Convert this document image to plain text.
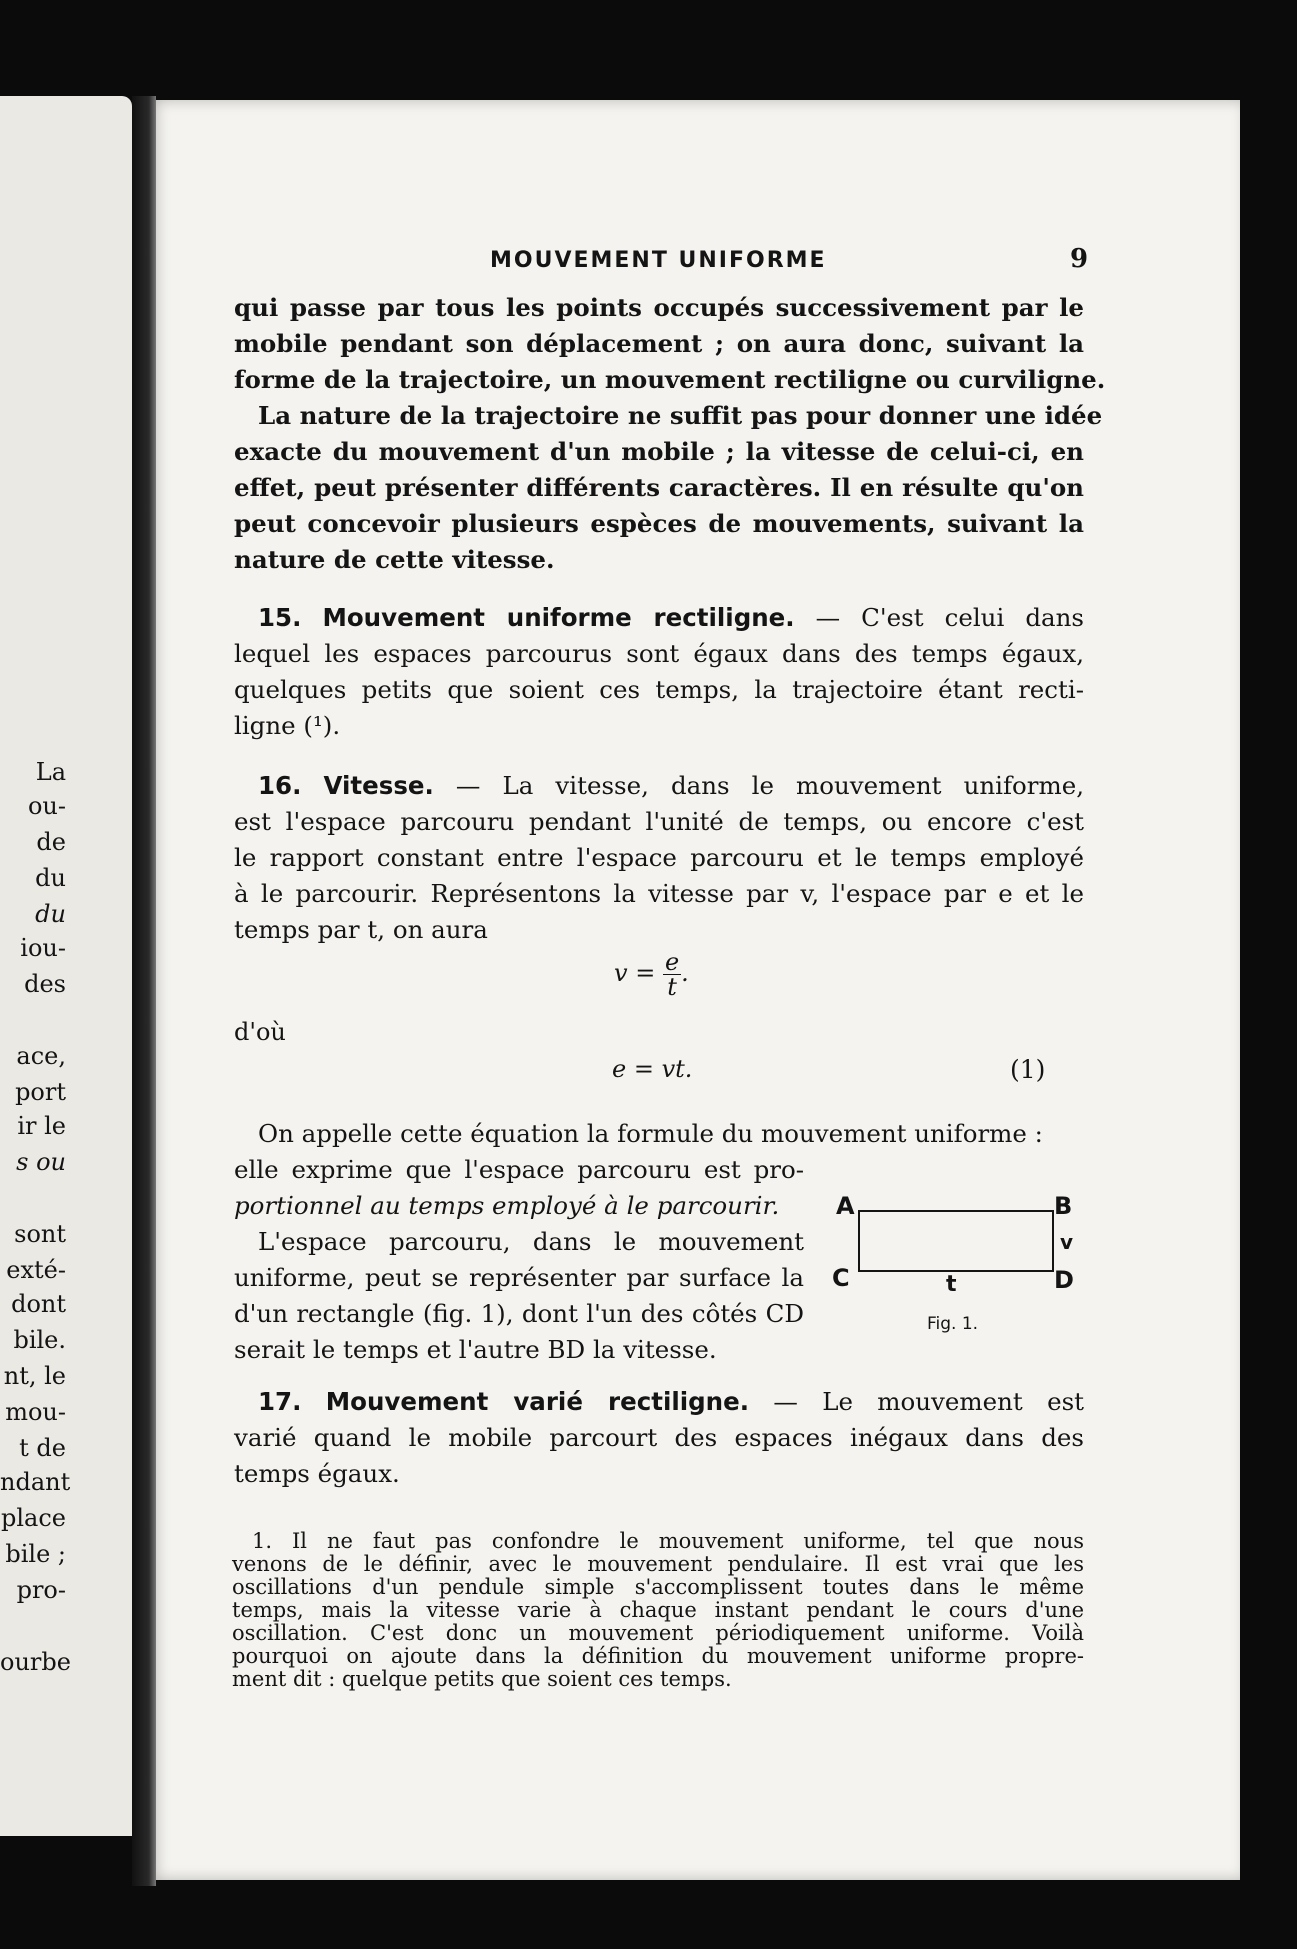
La
ou-
de
du
du
iou-
des
ace,
port
ir le
s ou
sont
exté-
dont
bile.
nt, le
mou-
t de
ndant
place
bile ;
pro-
ourbe
MOUVEMENT UNIFORME	9
qui passe par tous les points occupés successivement par le
mobile pendant son déplacement ; on aura donc, suivant la
forme de la trajectoire, un mouvement rectiligne ou curviligne.
La nature de la trajectoire ne suffit pas pour donner une idée
exacte du mouvement d'un mobile ; la vitesse de celui-ci, en
effet, peut présenter différents caractères. Il en résulte qu'on
peut concevoir plusieurs espèces de mouvements, suivant la
nature de cette vitesse.
15. Mouvement uniforme rectiligne. — C'est celui dans
lequel les espaces parcourus sont égaux dans des temps égaux,
quelques petits que soient ces temps, la trajectoire étant recti-
ligne (¹).
16. Vitesse. — La vitesse, dans le mouvement uniforme,
est l'espace parcouru pendant l'unité de temps, ou encore c'est
le rapport constant entre l'espace parcouru et le temps employé
à le parcourir. Représentons la vitesse par v, l'espace par e et le
temps par t, on aura
$v = \frac{e}{t}$ .
d'où
e = vt.	(1)
On appelle cette équation la formule du mouvement uniforme :
elle exprime que l'espace parcouru est pro-
portionnel au temps employé à le parcourir.
L'espace parcouru, dans le mouvement
uniforme, peut se représenter par surface la
d'un rectangle (fig. 1), dont l'un des côtés CD
serait le temps et l'autre BD la vitesse.
A	B
C	D
v
t
Fig. 1.
17. Mouvement varié rectiligne. — Le mouvement est
varié quand le mobile parcourt des espaces inégaux dans des
temps égaux.
1. Il ne faut pas confondre le mouvement uniforme, tel que nous
venons de le définir, avec le mouvement pendulaire. Il est vrai que les
oscillations d'un pendule simple s'accomplissent toutes dans le même
temps, mais la vitesse varie à chaque instant pendant le cours d'une
oscillation. C'est donc un mouvement périodiquement uniforme. Voilà
pourquoi on ajoute dans la définition du mouvement uniforme propre-
ment dit : quelque petits que soient ces temps.
